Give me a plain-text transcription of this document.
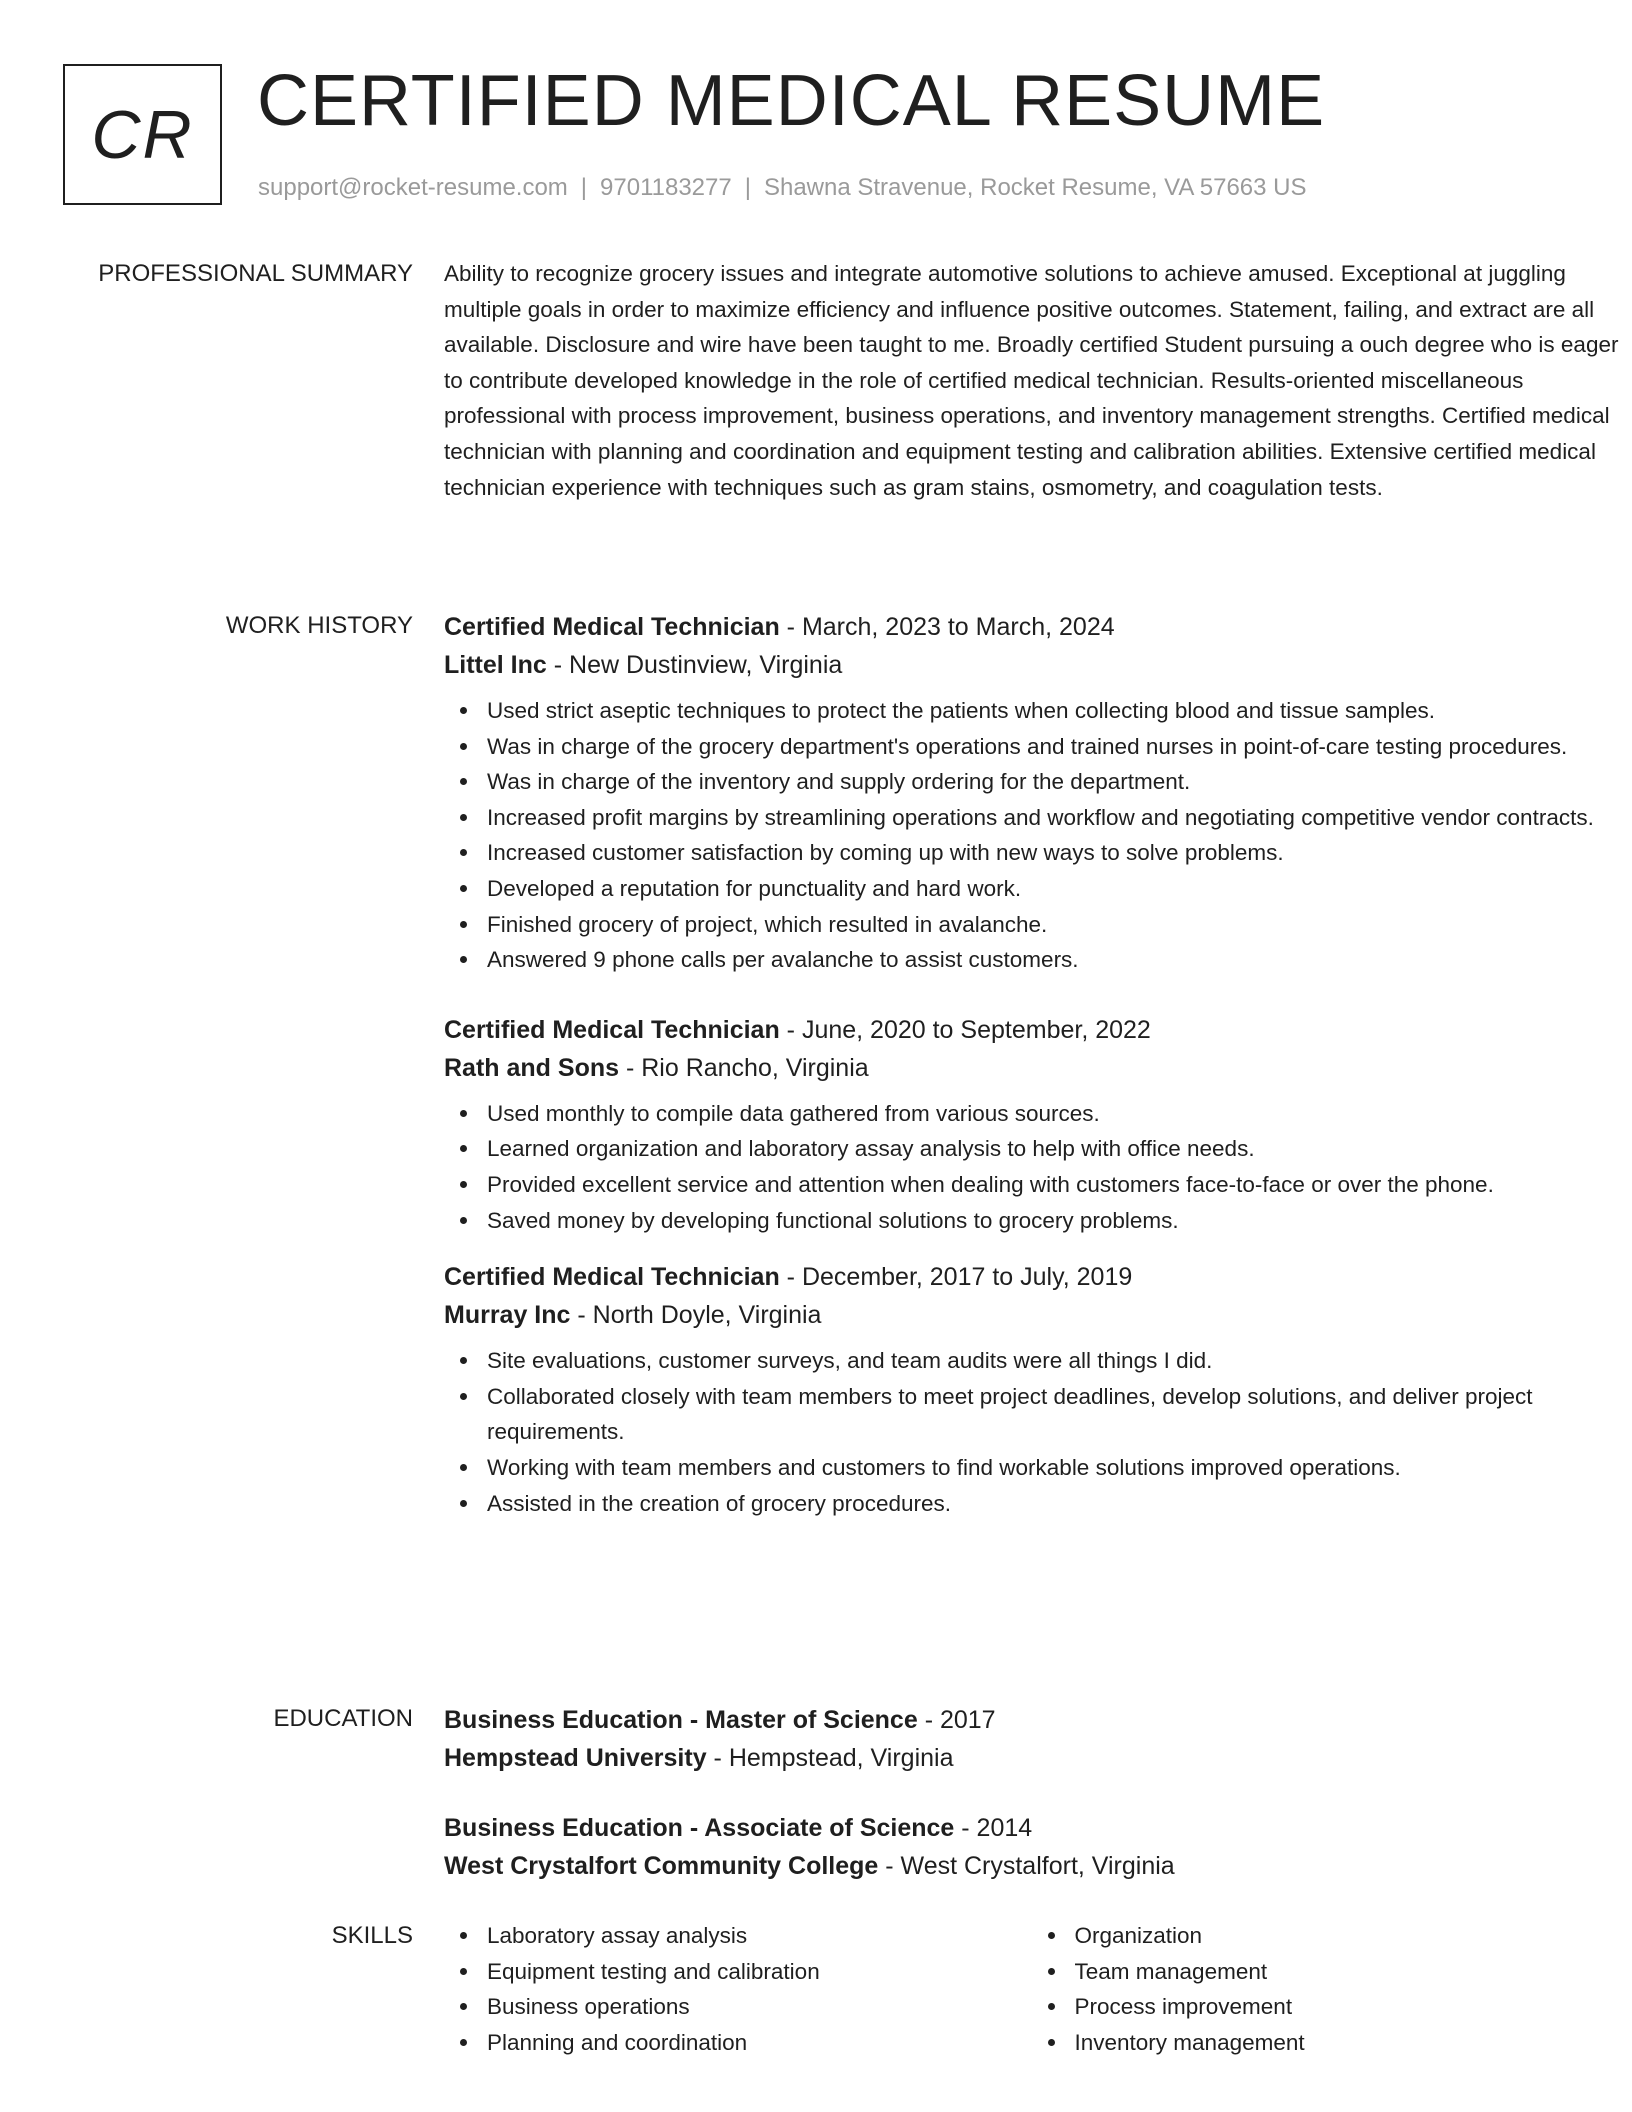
CR CERTIFIED MEDICAL RESUME
support@rocket-resume.com | 9701183277 | Shawna Stravenue, Rocket Resume, VA 57663 US
PROFESSIONAL SUMMARY Ability to recognize grocery issues and integrate automotive solutions to achieve amused. Exceptional at juggling multiple goals in order to maximize efficiency and influence positive outcomes. Statement, failing, and extract are all available. Disclosure and wire have been taught to me. Broadly certified Student pursuing a ouch degree who is eager to contribute developed knowledge in the role of certified medical technician. Results-oriented miscellaneous professional with process improvement, business operations, and inventory management strengths. Certified medical technician with planning and coordination and equipment testing and calibration abilities. Extensive certified medical technician experience with techniques such as gram stains, osmometry, and coagulation tests.

WORK HISTORY Certified Medical Technician - March, 2023 to March, 2024
Littel Inc - New Dustinview, Virginia
Used strict aseptic techniques to protect the patients when collecting blood and tissue samples.
Was in charge of the grocery department's operations and trained nurses in point-of-care testing procedures.
Was in charge of the inventory and supply ordering for the department.
Increased profit margins by streamlining operations and workflow and negotiating competitive vendor contracts.
Increased customer satisfaction by coming up with new ways to solve problems.
Developed a reputation for punctuality and hard work.
Finished grocery of project, which resulted in avalanche.
Answered 9 phone calls per avalanche to assist customers.
Certified Medical Technician - June, 2020 to September, 2022
Rath and Sons - Rio Rancho, Virginia
Used monthly to compile data gathered from various sources.
Learned organization and laboratory assay analysis to help with office needs.
Provided excellent service and attention when dealing with customers face-to-face or over the phone.
Saved money by developing functional solutions to grocery problems.
Certified Medical Technician - December, 2017 to July, 2019
Murray Inc - North Doyle, Virginia
Site evaluations, customer surveys, and team audits were all things I did.
Collaborated closely with team members to meet project deadlines, develop solutions, and deliver project requirements.
Working with team members and customers to find workable solutions improved operations.
Assisted in the creation of grocery procedures.
EDUCATION Business Education - Master of Science - 2017
Hempstead University - Hempstead, Virginia
Business Education - Associate of Science - 2014
West Crystalfort Community College - West Crystalfort, Virginia
SKILLS	Laboratory assay analysis
Equipment testing and calibration
Business operations
Planning and coordination
Organization
Team management
Process improvement
Inventory management
